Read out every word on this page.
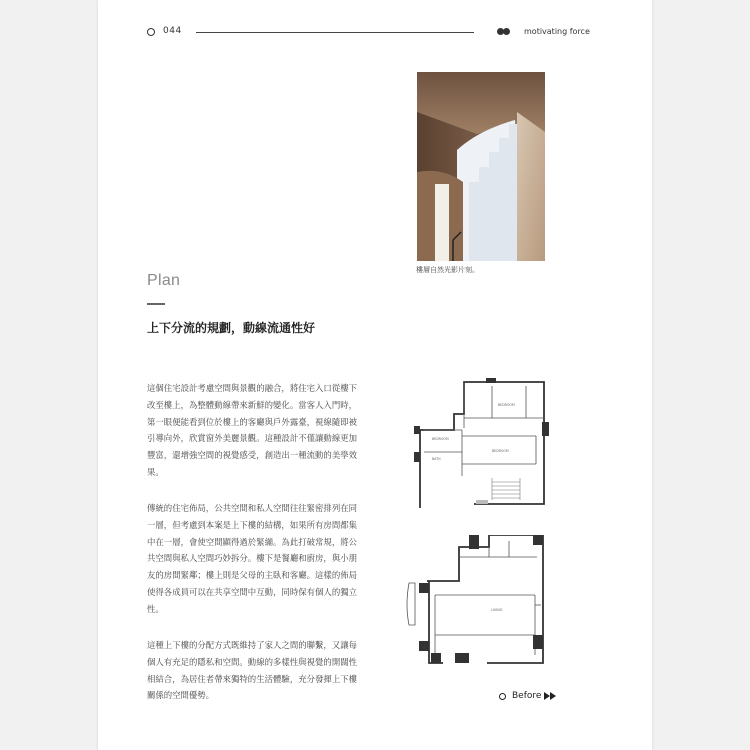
044	motivating force
樓層自然光影片刻。
Plan
上下分流的規劃，動線流通性好

這個住宅設計考慮空間與景觀的融合，將住宅入口從樓下改至樓上，為整體動線帶來新鮮的變化。當客人入門時，第一眼便能看到位於樓上的客廳與戶外露臺，視線隨即被引導向外，欣賞窗外美麗景觀。這種設計不僅讓動線更加豐富，還增強空間的視覺感受，創造出一種流動的美學效果。

傳統的住宅佈局，公共空間和私人空間往往緊密排列在同一層，但考慮到本案是上下樓的結構，如果所有房間都集中在一層，會使空間顯得過於緊繃。為此打破常規，將公共空間與私人空間巧妙拆分。樓下是餐廳和廚房，與小朋友的房間緊鄰；樓上則是父母的主臥和客廳。這樣的佈局使得各成員可以在共享空間中互動，同時保有個人的獨立性。

這種上下樓的分配方式既維持了家人之間的聯繫，又讓每個人有充足的隱私和空間。動線的多樣性與視覺的開闊性相結合，為居住者帶來獨特的生活體驗，充分發揮上下樓關係的空間優勢。

BEDROOM
BEDROOM
BATH
BEDROOM
LIVING
Before
